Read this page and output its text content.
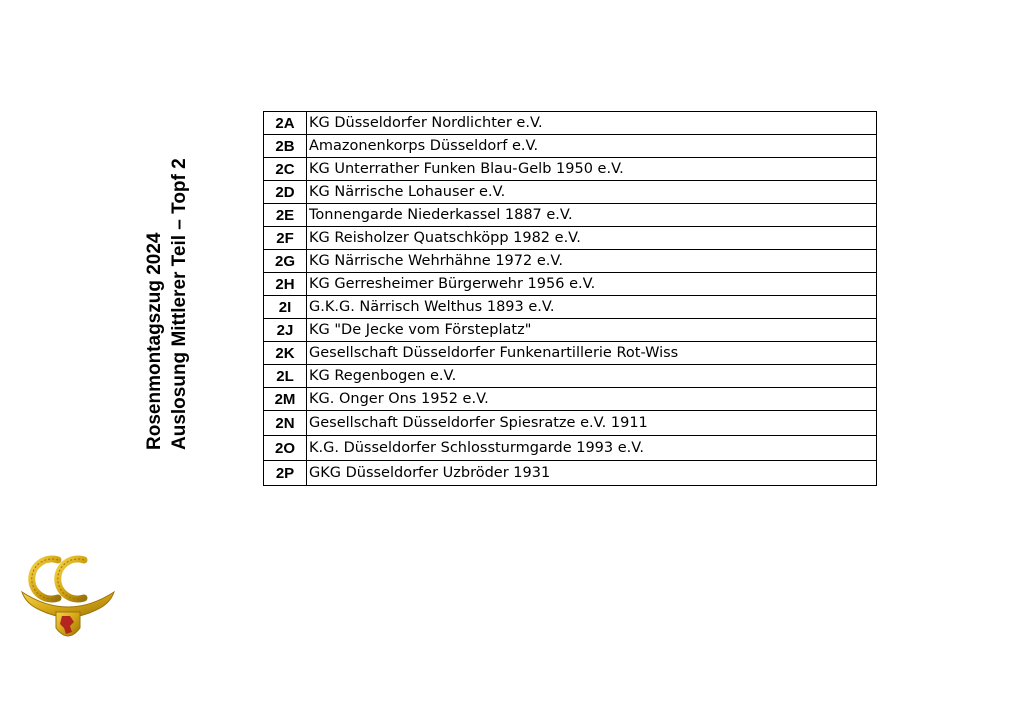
Rosenmontagszug 2024 Auslosung Mittlerer Teil – Topf 2
2A	KG Düsseldorfer Nordlichter e.V.
2B	Amazonenkorps Düsseldorf e.V.
2C	KG Unterrather Funken Blau-Gelb 1950 e.V.
2D	KG Närrische Lohauser e.V.
2E	Tonnengarde Niederkassel 1887 e.V.
2F	KG Reisholzer Quatschköpp 1982 e.V.
2G	KG Närrische Wehrhähne 1972 e.V.
2H	KG Gerresheimer Bürgerwehr 1956 e.V.
2I	G.K.G. Närrisch Welthus 1893 e.V.
2J	KG "De Jecke vom Försteplatz"
2K	Gesellschaft Düsseldorfer Funkenartillerie Rot-Wiss
2L	KG Regenbogen e.V.
2M	KG. Onger Ons 1952 e.V.
2N	Gesellschaft Düsseldorfer Spiesratze e.V. 1911
2O	K.G. Düsseldorfer Schlossturmgarde 1993 e.V.
2P	GKG Düsseldorfer Uzbröder 1931
